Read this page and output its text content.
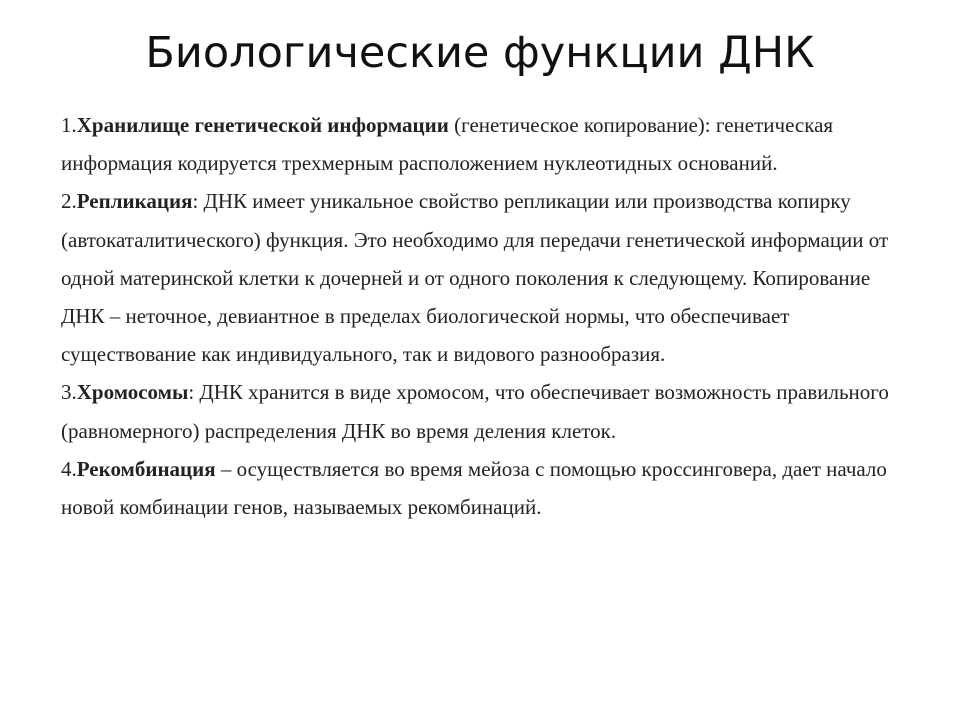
Биологические функции ДНК

1.Хранилище генетической информации (генетическое копирование): генетическая информация кодируется трехмерным расположением нуклеотидных оснований.

2.Репликация: ДНК имеет уникальное свойство репликации или производства копирку (автокаталитического) функция. Это необходимо для передачи генетической информации от одной материнской клетки к дочерней и от одного поколения к следующему. Копирование ДНК – неточное, девиантное в пределах биологической нормы, что обеспечивает существование как индивидуального, так и видового разнообразия.

3.Хромосомы: ДНК хранится в виде хромосом, что обеспечивает возможность правильного (равномерного) распределения ДНК во время деления клеток.

4.Рекомбинация – осуществляется во время мейоза с помощью кроссинговера, дает начало новой комбинации генов, называемых рекомбинаций.
